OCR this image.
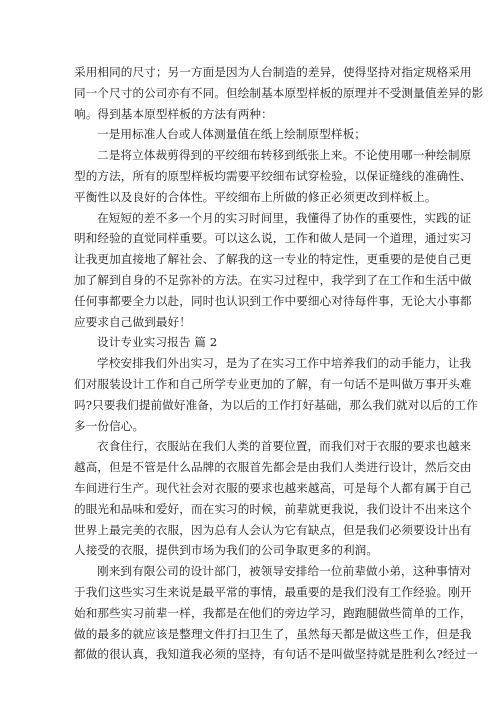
采用相同的尺寸；另一方面是因为人台制造的差异，使得坚持对指定规格采用
同一个尺寸的公司亦有不同。但绘制基本原型样板的原理并不受测量值差异的影
响。得到基本原型样板的方法有两种：
一是用标准人台或人体测量值在纸上绘制原型样板；
二是将立体裁剪得到的平绞细布转移到纸张上来。不论使用哪一种绘制原
型的方法，所有的原型样板均需要平绞细布试穿检验，以保证缝线的准确性、
平衡性以及良好的合体性。平绞细布上所做的修正必须更改到样板上。
在短短的差不多一个月的实习时间里，我懂得了协作的重要性，实践的证
明和经验的直觉同样重要。可以这么说，工作和做人是同一个道理，通过实习
让我更加直接地了解社会、了解我的这一专业的特定性，更重要的是使自己更
加了解到自身的不足弥补的方法。在实习过程中，我学到了在工作和生活中做
任何事都要全力以赴，同时也认识到工作中要细心对待每件事，无论大小事都
应要求自己做到最好！
设计专业实习报告 篇 2
学校安排我们外出实习，是为了在实习工作中培养我们的动手能力，让我
们对服装设计工作和自己所学专业更加的了解，有一句话不是叫做万事开头难
吗?只要我们提前做好准备，为以后的工作打好基础，那么我们就对以后的工作
多一份信心。
衣食住行，衣服站在我们人类的首要位置，而我们对于衣服的要求也越来
越高，但是不管是什么品牌的衣服首先都会是由我们人类进行设计，然后交由
车间进行生产。现代社会对衣服的要求也越来越高，可是每个人都有属于自己
的眼光和品味和爱好，而在实习的时候，前辈就更我说，我们设计不出来这个
世界上最完美的衣服，因为总有人会认为它有缺点，但是我们必须要设计出有
人接受的衣服，提供到市场为我们的公司争取更多的利润。
刚来到有限公司的设计部门，被领导安排给一位前辈做小弟，这种事情对
于我们这些实习生来说是最平常的事情，最重要的是我们没有工作经验。刚开
始和那些实习前辈一样，我都是在他们的旁边学习，跑跑腿做些简单的工作，
做的最多的就应该是整理文件打扫卫生了，虽然每天都是做这些工作，但是我
都做的很认真，我知道我必须的坚持，有句话不是叫做坚持就是胜利么?经过一
